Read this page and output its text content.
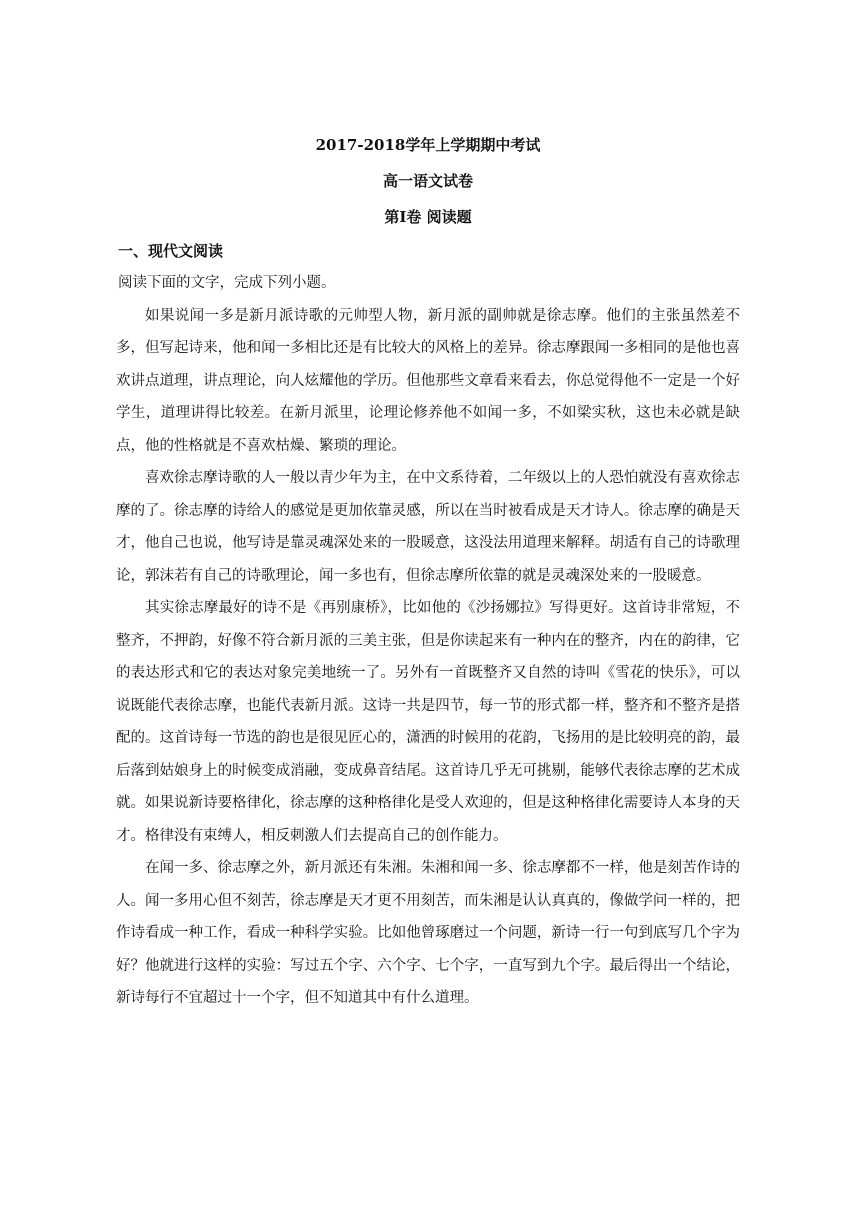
2017-2018学年上学期期中考试

高一语文试卷

第Ⅰ卷 阅读题

一、现代文阅读

阅读下面的文字，完成下列小题。

如果说闻一多是新月派诗歌的元帅型人物，新月派的副帅就是徐志摩。他们的主张虽然差不多，但写起诗来，他和闻一多相比还是有比较大的风格上的差异。徐志摩跟闻一多相同的是他也喜欢讲点道理，讲点理论，向人炫耀他的学历。但他那些文章看来看去，你总觉得他不一定是一个好学生，道理讲得比较差。在新月派里，论理论修养他不如闻一多，不如梁实秋，这也未必就是缺点，他的性格就是不喜欢枯燥、繁琐的理论。

喜欢徐志摩诗歌的人一般以青少年为主，在中文系待着，二年级以上的人恐怕就没有喜欢徐志摩的了。徐志摩的诗给人的感觉是更加依靠灵感，所以在当时被看成是天才诗人。徐志摩的确是天才，他自己也说，他写诗是靠灵魂深处来的一股暖意，这没法用道理来解释。胡适有自己的诗歌理论，郭沫若有自己的诗歌理论，闻一多也有，但徐志摩所依靠的就是灵魂深处来的一股暖意。

其实徐志摩最好的诗不是《再别康桥》，比如他的《沙扬娜拉》写得更好。这首诗非常短，不整齐，不押韵，好像不符合新月派的三美主张，但是你读起来有一种内在的整齐，内在的韵律，它的表达形式和它的表达对象完美地统一了。另外有一首既整齐又自然的诗叫《雪花的快乐》，可以说既能代表徐志摩，也能代表新月派。这诗一共是四节，每一节的形式都一样，整齐和不整齐是搭配的。这首诗每一节选的韵也是很见匠心的，潇洒的时候用的花韵，飞扬用的是比较明亮的韵，最后落到姑娘身上的时候变成消融，变成鼻音结尾。这首诗几乎无可挑剔，能够代表徐志摩的艺术成就。如果说新诗要格律化，徐志摩的这种格律化是受人欢迎的，但是这种格律化需要诗人本身的天才。格律没有束缚人，相反刺激人们去提高自己的创作能力。

在闻一多、徐志摩之外，新月派还有朱湘。朱湘和闻一多、徐志摩都不一样，他是刻苦作诗的人。闻一多用心但不刻苦，徐志摩是天才更不用刻苦，而朱湘是认认真真的，像做学问一样的，把作诗看成一种工作，看成一种科学实验。比如他曾琢磨过一个问题，新诗一行一句到底写几个字为好？他就进行这样的实验：写过五个字、六个字、七个字，一直写到九个字。最后得出一个结论，新诗每行不宜超过十一个字，但不知道其中有什么道理。
